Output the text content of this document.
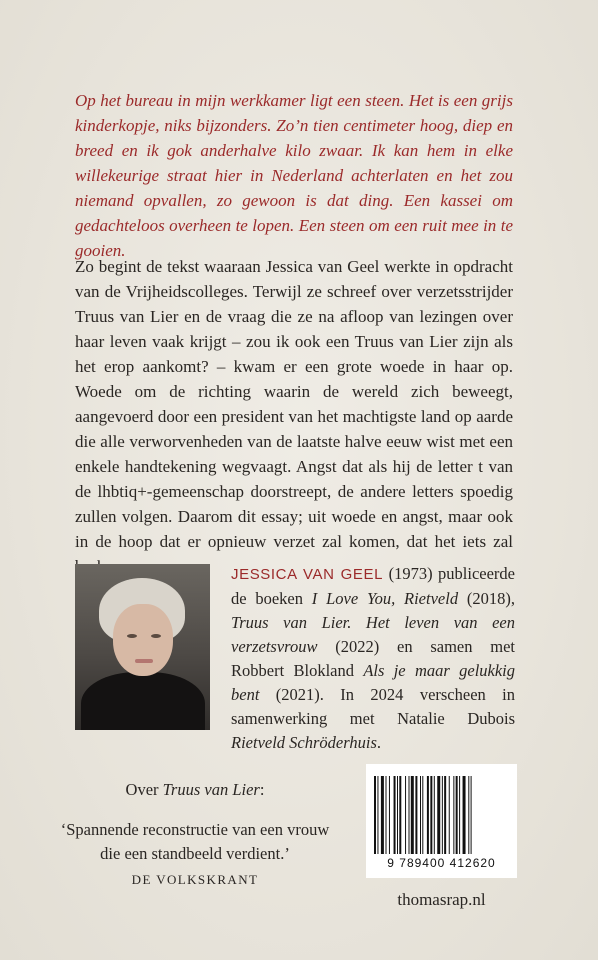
Op het bureau in mijn werkkamer ligt een steen. Het is een grijs kinderkopje, niks bijzonders. Zo’n tien centimeter hoog, diep en breed en ik gok anderhalve kilo zwaar. Ik kan hem in elke willekeurige straat hier in Nederland achterlaten en het zou niemand opvallen, zo gewoon is dat ding. Een kassei om gedachteloos overheen te lopen. Een steen om een ruit mee in te gooien.

Zo begint de tekst waaraan Jessica van Geel werkte in opdracht van de Vrijheidscolleges. Terwijl ze schreef over verzetsstrijder Truus van Lier en de vraag die ze na afloop van lezingen over haar leven vaak krijgt – zou ik ook een Truus van Lier zijn als het erop aankomt? – kwam er een grote woede in haar op. Woede om de richting waarin de wereld zich beweegt, aangevoerd door een president van het machtigste land op aarde die alle verworvenheden van de laatste halve eeuw wist met een enkele handtekening wegvaagt. Angst dat als hij de letter t van de lhbtiq+-gemeenschap doorstreept, de andere letters spoedig zullen volgen. Daarom dit essay; uit woede en angst, maar ook in de hoop dat er opnieuw verzet zal komen, dat het iets zal

JESSICA VAN GEEL (1973) publiceerde de boeken I Love You, Rietveld (2018), Truus van Lier. Het leven van een verzetsvrouw (2022) en samen met Robbert Blokland Als je maar gelukkig bent (2021). In 2024 verscheen in samenwerking met Natalie Dubois Rietveld Schröderhuis.

Over Truus van Lier:
‘Spannende reconstructie van een vrouw die een standbeeld verdient.’
DE VOLKSKRANT
9 789400 412620
thomasrap.nl
